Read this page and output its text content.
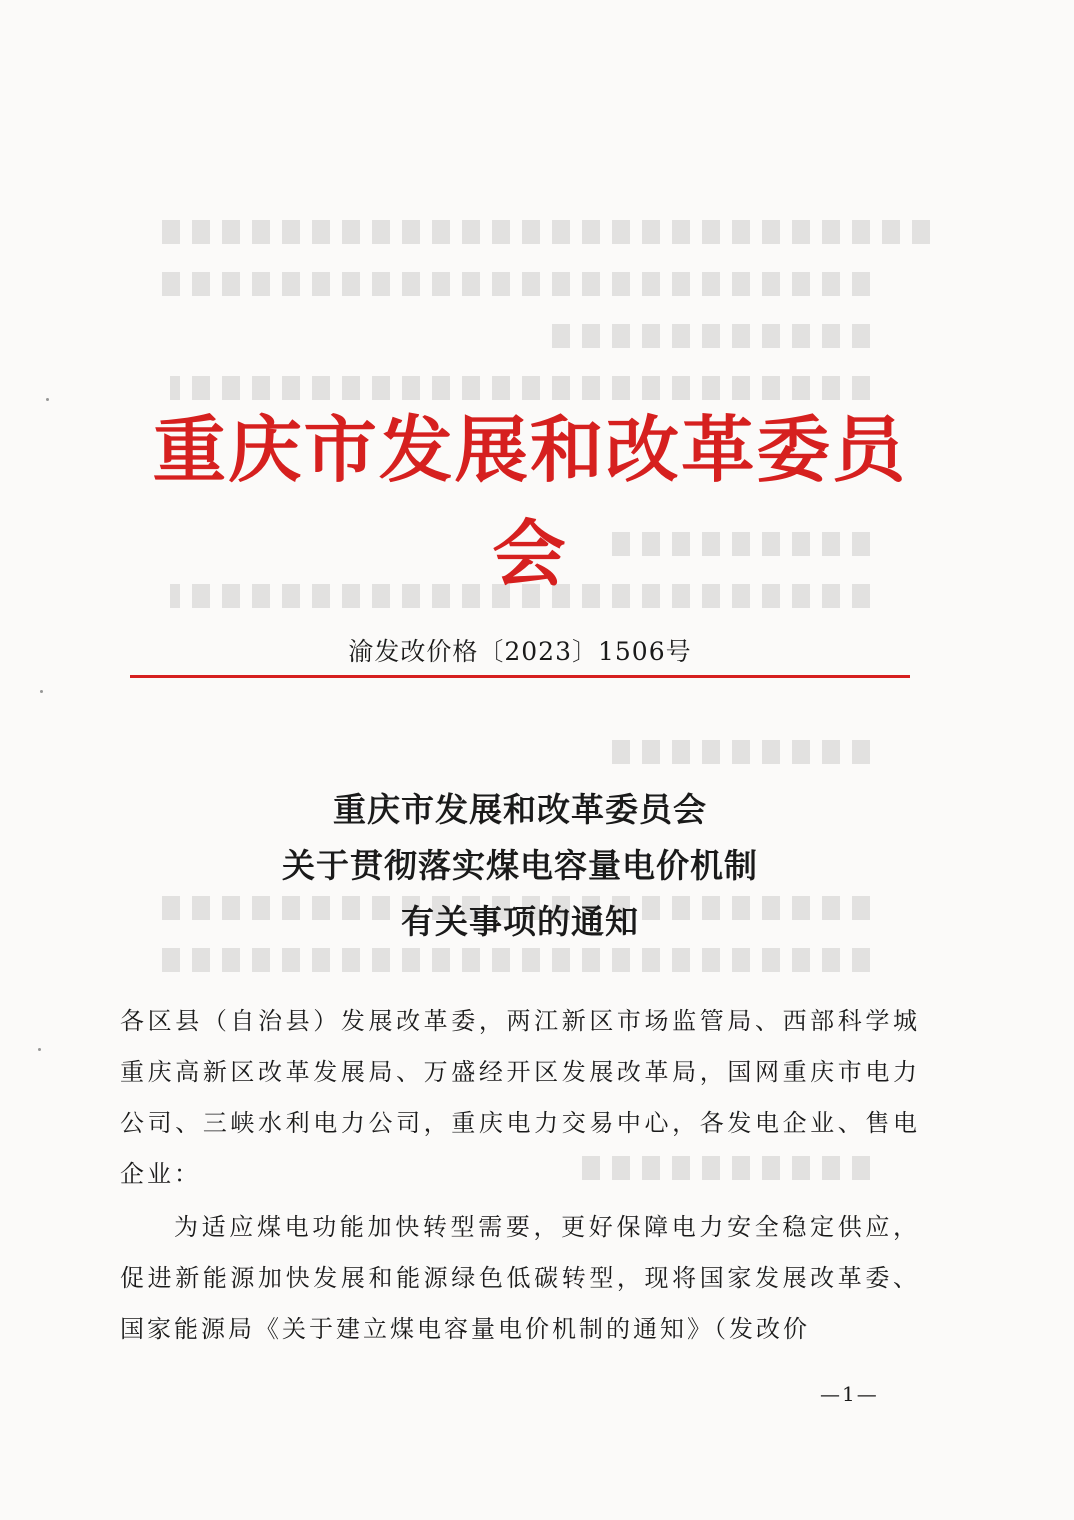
重庆市发展和改革委员会
渝发改价格〔2023〕1506号
重庆市发展和改革委员会
关于贯彻落实煤电容量电价机制
有关事项的通知
各区县（自治县）发展改革委，两江新区市场监管局、西部科学城重庆高新区改革发展局、万盛经开区发展改革局，国网重庆市电力公司、三峡水利电力公司，重庆电力交易中心，各发电企业、售电企业：
为适应煤电功能加快转型需要，更好保障电力安全稳定供应，促进新能源加快发展和能源绿色低碳转型，现将国家发展改革委、国家能源局《关于建立煤电容量电价机制的通知》（发改价
—1—
